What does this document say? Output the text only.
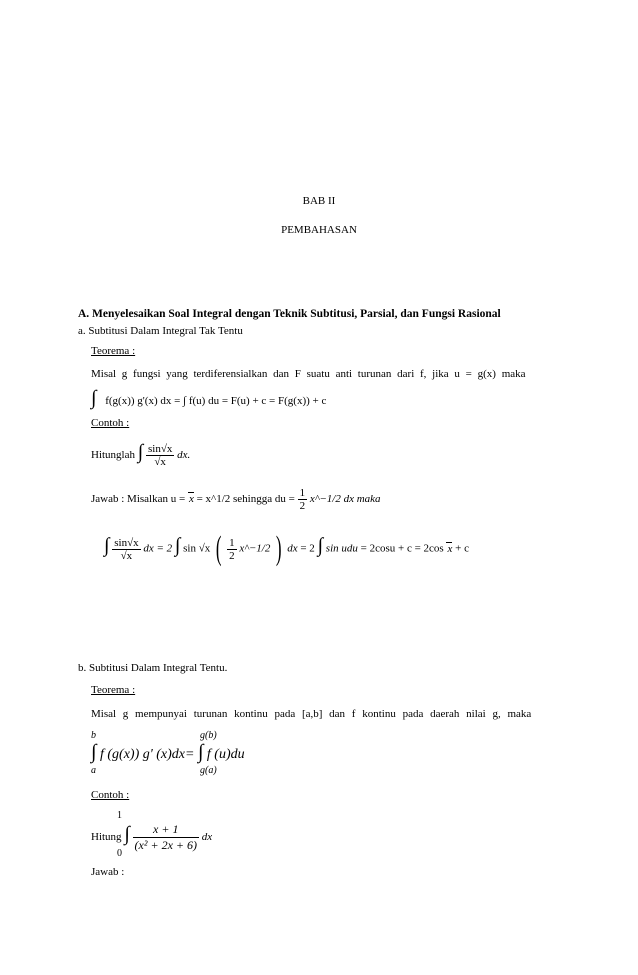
BAB II
PEMBAHASAN
A. Menyelesaikan Soal Integral dengan Teknik Subtitusi, Parsial, dan Fungsi Rasional
a. Subtitusi Dalam Integral Tak Tentu
Teorema :
Misal g fungsi yang terdiferensialkan dan F suatu anti turunan dari f, jika u = g(x) maka
∫ f(g(x)) g'(x) dx = ∫ f(u) du = F(u) + c = F(g(x)) + c
Contoh :
Hitunglah ∫ $\frac{\sin√x}{√x}$ dx.
Jawab : Misalkan u = x = x^1/2 sehingga du = $\frac{1}{2}$ x^−1/2 dx maka
∫ $\frac{\sin√x}{√x}$ dx = 2 ∫ sin √x ( $\frac{1}{2}$ x^−1/2 ) dx = 2 ∫ sin udu = 2cosu + c = 2cos x + c
b. Subtitusi Dalam Integral Tentu.
Teorema :
Misal g mempunyai turunan kontinu pada [a,b] dan f kontinu pada daerah nilai g, maka
b	g(b)
∫ f (g(x)) g' (x)dx= ∫ f (u)du
a	g(a)
Contoh :
1
Hitung ∫ $\frac{x + 1}{\text{(x² + 2x + 6)}}$ dx
0
Jawab :
